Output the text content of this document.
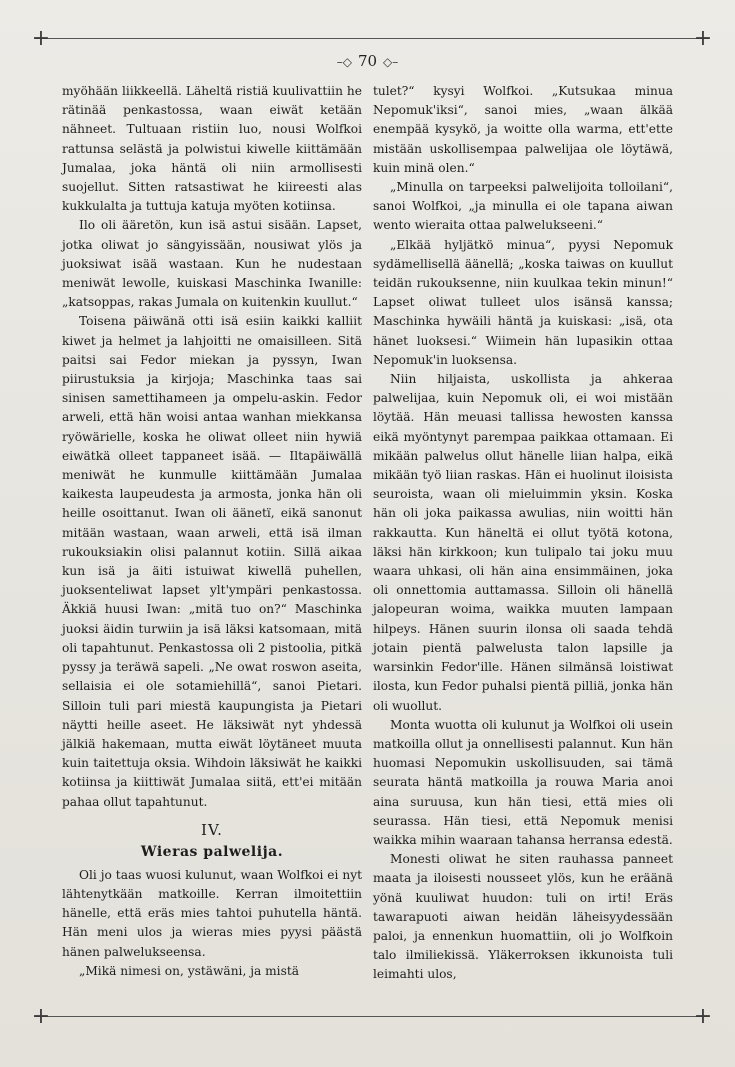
+	+
+	+
–◇ 70 ◇–

myöhään liikkeellä. Läheltä ristiä kuulivattiin he rätinää penkastossa, waan eiwät ketään nähneet. Tultuaan ristiin luo, nousi Wolfkoi rattunsa selästä ja polwistui kiwelle kiittämään Jumalaa, joka häntä oli niin armollisesti suojellut. Sitten ratsastiwat he kiireesti alas kukkulalta ja tuttuja katuja myöten kotiinsa.

Ilo oli ääretön, kun isä astui sisään. Lapset, jotka oliwat jo sängyissään, nousiwat ylös ja juoksiwat isää wastaan. Kun he nudestaan meniwät lewolle, kuiskasi Maschinka Iwanille: „katsoppas, rakas Jumala on kuitenkin kuullut.“

Toisena päiwänä otti isä esiin kaikki kalliit kiwet ja helmet ja lahjoitti ne omaisilleen. Sitä paitsi sai Fedor miekan ja pyssyn, Iwan piirustuksia ja kirjoja; Maschinka taas sai sinisen samettihameen ja ompelu-askin. Fedor arweli, että hän woisi antaa wanhan miekkansa ryöwärielle, koska he oliwat olleet niin hywiä eiwätkä olleet tappaneet isää. — Iltapäiwällä meniwät he kunmulle kiittämään Jumalaa kaikesta laupeudesta ja armosta, jonka hän oli heille osoittanut. Iwan oli äänetï, eikä sanonut mitään wastaan, waan arweli, että isä ilman rukouksiakin olisi palannut kotiin. Sillä aikaa kun isä ja äiti istuiwat kiwellä puhellen, juoksenteliwat lapset ylt'ympäri penkastossa. Äkkiä huusi Iwan: „mitä tuo on?“ Maschinka juoksi äidin turwiin ja isä läksi katsomaan, mitä oli tapahtunut. Penkastossa oli 2 pistoolia, pitkä pyssy ja teräwä sapeli. „Ne owat roswon aseita, sellaisia ei ole sotamiehillä“, sanoi Pietari. Silloin tuli pari miestä kaupungista ja Pietari näytti heille aseet. He läksiwät nyt yhdessä jälkiä hakemaan, mutta eiwät löytäneet muuta kuin taitettuja oksia. Wihdoin läksiwät he kaikki kotiinsa ja kiittiwät Jumalaa siitä, ett'ei mitään pahaa ollut tapahtunut.

IV.
Wieras palwelija.

Oli jo taas wuosi kulunut, waan Wolfkoi ei nyt lähtenytkään matkoille. Kerran ilmoitettiin hänelle, että eräs mies tahtoi puhutella häntä. Hän meni ulos ja wieras mies pyysi päästä hänen palwelukseensa.

„Mikä nimesi on, ystäwäni, ja mistä

tulet?“ kysyi Wolfkoi. „Kutsukaa minua Nepomuk'iksi“, sanoi mies, „waan älkää enempää kysykö, ja woitte olla warma, ett'ette mistään uskollisempaa palwelijaa ole löytäwä, kuin minä olen.“

„Minulla on tarpeeksi palwelijoita tolloilani“, sanoi Wolfkoi, „ja minulla ei ole tapana aiwan wento wieraita ottaa palwelukseeni.“

„Elkää hyljätkö minua“, pyysi Nepomuk sydämellisellä äänellä; „koska taiwas on kuullut teidän rukouksenne, niin kuulkaa tekin minun!“ Lapset oliwat tulleet ulos isänsä kanssa; Maschinka hywäili häntä ja kuiskasi: „isä, ota hänet luoksesi.“ Wiimein hän lupasikin ottaa Nepomuk'in luoksensa.

Niin hiljaista, uskollista ja ahkeraa palwelijaa, kuin Nepomuk oli, ei woi mistään löytää. Hän meuasi tallissa hewosten kanssa eikä myöntynyt parempaa paikkaa ottamaan. Ei mikään palwelus ollut hänelle liian halpa, eikä mikään työ liian raskas. Hän ei huolinut iloisista seuroista, waan oli mieluimmin yksin. Koska hän oli joka paikassa awulias, niin woitti hän rakkautta. Kun häneltä ei ollut työtä kotona, läksi hän kirkkoon; kun tulipalo tai joku muu waara uhkasi, oli hän aina ensimmäinen, joka oli onnettomia auttamassa. Silloin oli hänellä jalopeuran woima, waikka muuten lampaan hilpeys. Hänen suurin ilonsa oli saada tehdä jotain pientä palwelusta talon lapsille ja warsinkin Fedor'ille. Hänen silmänsä loistiwat ilosta, kun Fedor puhalsi pientä pilliä, jonka hän oli wuollut.

Monta wuotta oli kulunut ja Wolfkoi oli usein matkoilla ollut ja onnellisesti palannut. Kun hän huomasi Nepomukin uskollisuuden, sai tämä seurata häntä matkoilla ja rouwa Maria anoi aina suruusa, kun hän tiesi, että mies oli seurassa. Hän tiesi, että Nepomuk menisi waikka mihin waaraan tahansa herransa edestä.

Monesti oliwat he siten rauhassa panneet maata ja iloisesti nousseet ylös, kun he eräänä yönä kuuliwat huudon: tuli on irti! Eräs tawarapuoti aiwan heidän läheisyydessään paloi, ja ennenkun huomattiin, oli jo Wolfkoin talo ilmiliekissä. Yläkerroksen ikkunoista tuli leimahti ulos,
